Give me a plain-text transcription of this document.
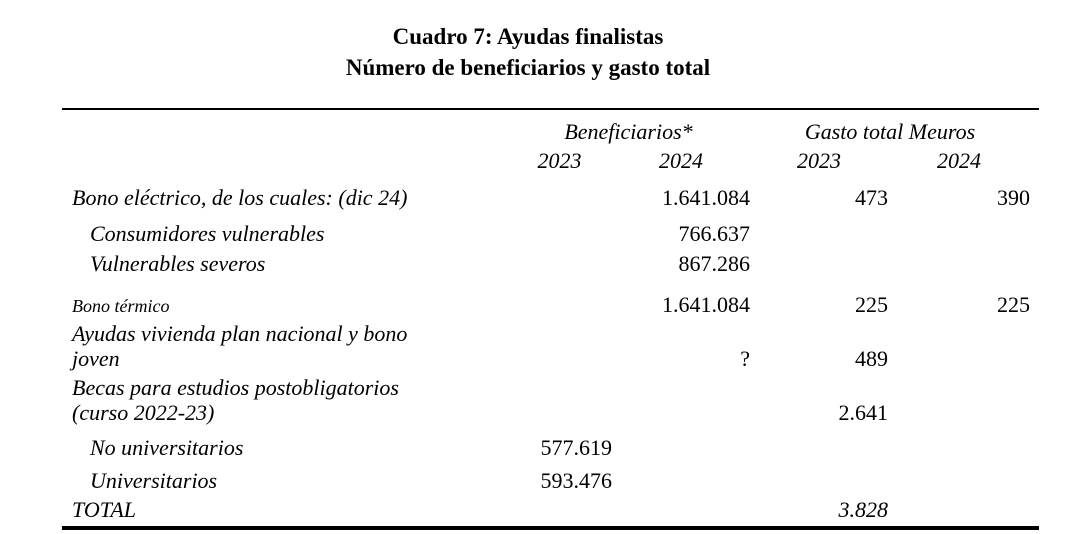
Cuadro 7: Ayudas finalistas
Número de beneficiarios y gasto total
	Beneficiarios*		Gasto total Meuros	
	2023	2024	2023	2024

Bono eléctrico, de los cuales: (dic 24)		1.641.084	473	390

Consumidores vulnerables		766.637		

Vulnerables severos		867.286		

Bono térmico		1.641.084	225	225

Ayudas vivienda plan nacional y bono joven		?	489	

Becas para estudios postobligatorios (curso 2022-23)			2.641	

No universitarios	577.619			

Universitarios	593.476			

TOTAL			3.828	
